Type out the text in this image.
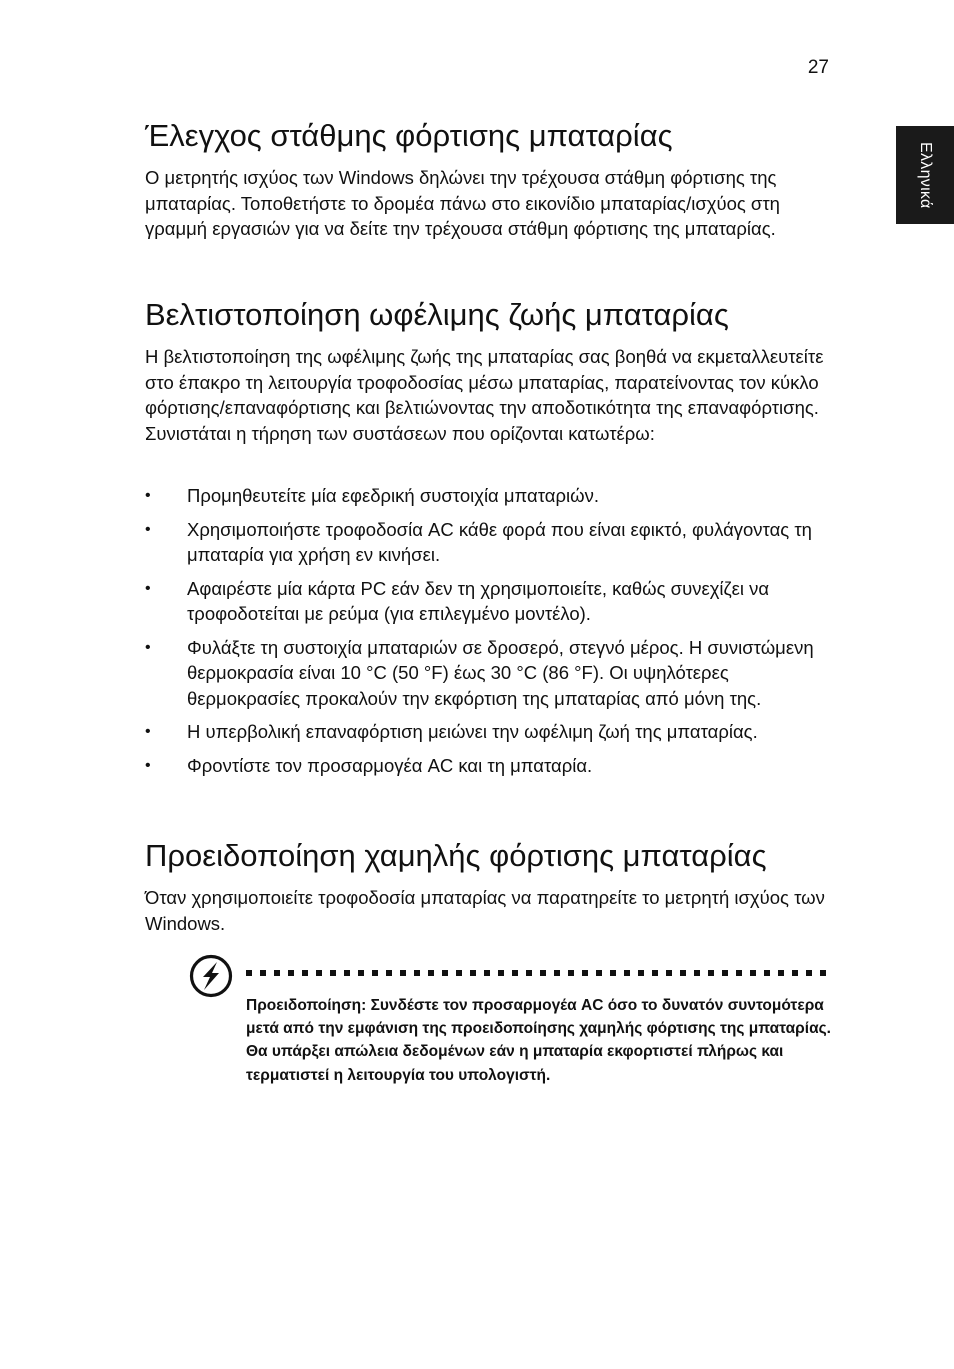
27
Ελληνικά
Έλεγχος στάθμης φόρτισης μπαταρίας

Ο μετρητής ισχύος των Windows δηλώνει την τρέχουσα στάθμη φόρτισης της μπαταρίας. Τοποθετήστε το δρομέα πάνω στο εικονίδιο μπαταρίας/ισχύος στη γραμμή εργασιών για να δείτε την τρέχουσα στάθμη φόρτισης της μπαταρίας.

Βελτιστοποίηση ωφέλιμης ζωής μπαταρίας

Η βελτιστοποίηση της ωφέλιμης ζωής της μπαταρίας σας βοηθά να εκμεταλλευτείτε στο έπακρο τη λειτουργία τροφοδοσίας μέσω μπαταρίας, παρατείνοντας τον κύκλο φόρτισης/επαναφόρτισης και βελτιώνοντας την αποδοτικότητα της επαναφόρτισης. Συνιστάται η τήρηση των συστάσεων που ορίζονται κατωτέρω:

• Προμηθευτείτε μία εφεδρική συστοιχία μπαταριών.
• Χρησιμοποιήστε τροφοδοσία AC κάθε φορά που είναι εφικτό, φυλάγοντας τη μπαταρία για χρήση εν κινήσει.
• Αφαιρέστε μία κάρτα PC εάν δεν τη χρησιμοποιείτε, καθώς συνεχίζει να τροφοδοτείται με ρεύμα (για επιλεγμένο μοντέλο).
• Φυλάξτε τη συστοιχία μπαταριών σε δροσερό, στεγνό μέρος. Η συνιστώμενη θερμοκρασία είναι 10 °C (50 °F) έως 30 °C (86 °F). Οι υψηλότερες θερμοκρασίες προκαλούν την εκφόρτιση της μπαταρίας από μόνη της.
• Η υπερβολική επαναφόρτιση μειώνει την ωφέλιμη ζωή της μπαταρίας.
• Φροντίστε τον προσαρμογέα AC και τη μπαταρία.
Προειδοποίηση χαμηλής φόρτισης μπαταρίας

Όταν χρησιμοποιείτε τροφοδοσία μπαταρίας να παρατηρείτε το μετρητή ισχύος των Windows.

Προειδοποίηση: Συνδέστε τον προσαρμογέα AC όσο το δυνατόν συντομότερα μετά από την εμφάνιση της προειδοποίησης χαμηλής φόρτισης της μπαταρίας. Θα υπάρξει απώλεια δεδομένων εάν η μπαταρία εκφορτιστεί πλήρως και τερματιστεί η λειτουργία του υπολογιστή.
